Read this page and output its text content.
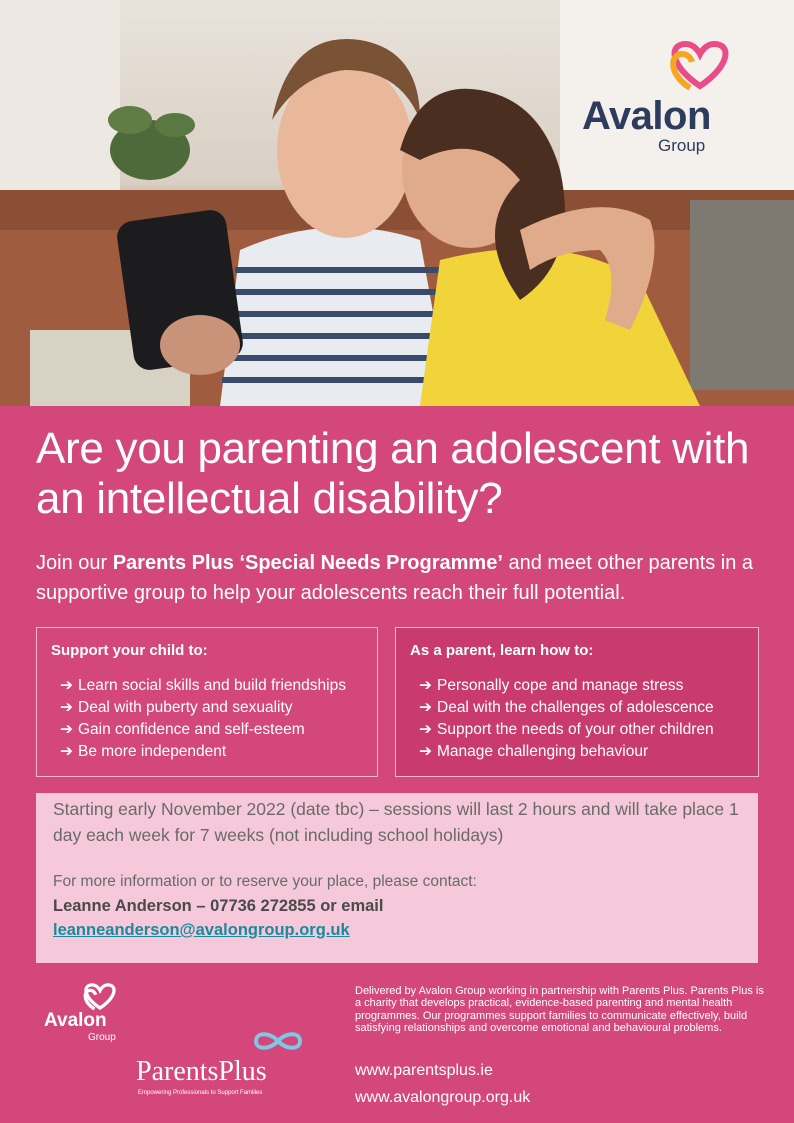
Avalon
Group
Are you parenting an adolescent with an intellectual disability?

Join our Parents Plus ‘Special Needs Programme’ and meet other parents in a supportive group to help your adolescents reach their full potential.

Support your child to:
➔ Learn social skills and build friendships
➔ Deal with puberty and sexuality
➔ Gain confidence and self-esteem
➔ Be more independent
As a parent, learn how to:
➔ Personally cope and manage stress
➔ Deal with the challenges of adolescence
➔ Support the needs of your other children
➔ Manage challenging behaviour

Starting early November 2022 (date tbc) – sessions will last 2 hours and will take place 1 day each week for 7 weeks (not including school holidays)

For more information or to reserve your place, please contact:

Leanne Anderson – 07736 272855 or email

leanneanderson@avalongroup.org.uk
Avalon
Group
ParentsPlus
Empowering Professionals to Support Families

Delivered by Avalon Group working in partnership with Parents Plus. Parents Plus is a charity that develops practical, evidence-based parenting and mental health programmes. Our programmes support families to communicate effectively, build satisfying relationships and overcome emotional and behavioural problems.

www.parentsplus.ie
www.avalongroup.org.uk
